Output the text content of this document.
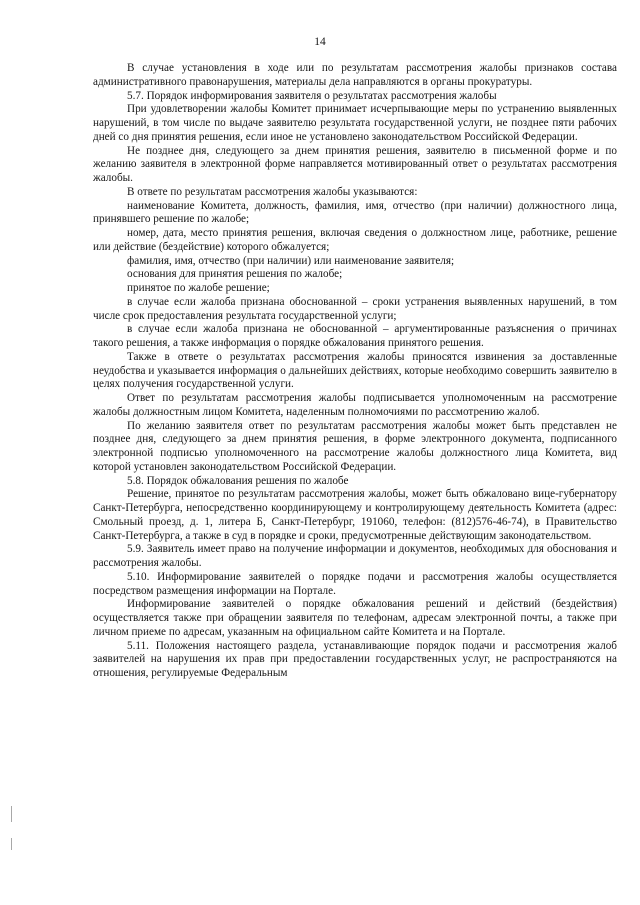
14

В случае установления в ходе или по результатам рассмотрения жалобы признаков состава административного правонарушения, материалы дела направляются в органы прокуратуры.

5.7. Порядок информирования заявителя о результатах рассмотрения жалобы

При удовлетворении жалобы Комитет принимает исчерпывающие меры по устранению выявленных нарушений, в том числе по выдаче заявителю результата государственной услуги, не позднее пяти рабочих дней со дня принятия решения, если иное не установлено законодательством Российской Федерации.

Не позднее дня, следующего за днем принятия решения, заявителю в письменной форме и по желанию заявителя в электронной форме направляется мотивированный ответ о результатах рассмотрения жалобы.

В ответе по результатам рассмотрения жалобы указываются:

наименование Комитета, должность, фамилия, имя, отчество (при наличии) должностного лица, принявшего решение по жалобе;

номер, дата, место принятия решения, включая сведения о должностном лице, работнике, решение или действие (бездействие) которого обжалуется;

фамилия, имя, отчество (при наличии) или наименование заявителя;

основания для принятия решения по жалобе;

принятое по жалобе решение;

в случае если жалоба признана обоснованной – сроки устранения выявленных нарушений, в том числе срок предоставления результата государственной услуги;

в случае если жалоба признана не обоснованной – аргументированные разъяснения о причинах такого решения, а также информация о порядке обжалования принятого решения.

Также в ответе о результатах рассмотрения жалобы приносятся извинения за доставленные неудобства и указывается информация о дальнейших действиях, которые необходимо совершить заявителю в целях получения государственной услуги.

Ответ по результатам рассмотрения жалобы подписывается уполномоченным на рассмотрение жалобы должностным лицом Комитета, наделенным полномочиями по рассмотрению жалоб.

По желанию заявителя ответ по результатам рассмотрения жалобы может быть представлен не позднее дня, следующего за днем принятия решения, в форме электронного документа, подписанного электронной подписью уполномоченного на рассмотрение жалобы должностного лица Комитета, вид которой установлен законодательством Российской Федерации.

5.8. Порядок обжалования решения по жалобе

Решение, принятое по результатам рассмотрения жалобы, может быть обжаловано вице-губернатору Санкт-Петербурга, непосредственно координирующему и контролирующему деятельность Комитета (адрес: Смольный проезд, д. 1, литера Б, Санкт-Петербург, 191060, телефон: (812)576-46-74), в Правительство Санкт-Петербурга, а также в суд в порядке и сроки, предусмотренные действующим законодательством.

5.9. Заявитель имеет право на получение информации и документов, необходимых для обоснования и рассмотрения жалобы.

5.10. Информирование заявителей о порядке подачи и рассмотрения жалобы осуществляется посредством размещения информации на Портале.

Информирование заявителей о порядке обжалования решений и действий (бездействия) осуществляется также при обращении заявителя по телефонам, адресам электронной почты, а также при личном приеме по адресам, указанным на официальном сайте Комитета и на Портале.

5.11. Положения настоящего раздела, устанавливающие порядок подачи и рассмотрения жалоб заявителей на нарушения их прав при предоставлении государственных услуг, не распространяются на отношения, регулируемые Федеральным
